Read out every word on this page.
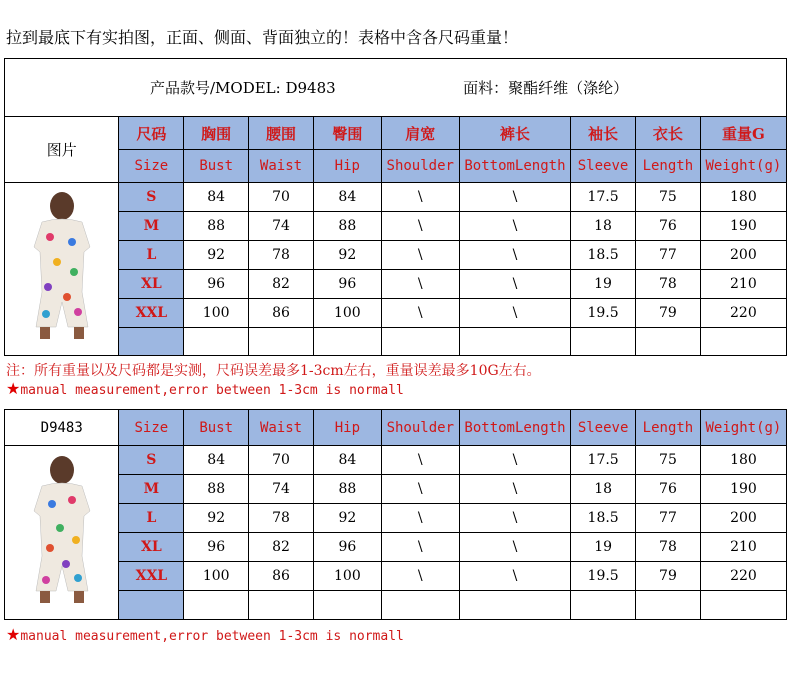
拉到最底下有实拍图，正面、侧面、背面独立的！表格中含各尺码重量！
产品款号/MODEL: D9483 面料：聚酯纤维（涤纶）									
图片	尺码	胸围	腰围	臀围	肩宽	裤长	袖长	衣长	重量G
	Size	Bust	Waist	Hip	Shoulder	BottomLength	Sleeve	Length	Weight(g)
	S	84	70	84	\	\	17.5	75	180
	M	88	74	88	\	\	18	76	190
	L	92	78	92	\	\	18.5	77	200
	XL	96	82	96	\	\	19	78	210
	XXL	100	86	100	\	\	19.5	79	220

注：所有重量以及尺码都是实测，尺码误差最多1-3cm左右，重量误差最多10G左右。
★manual measurement,error between 1-3cm is normall
D9483	Size	Bust	Waist	Hip	Shoulder	BottomLength	Sleeve	Length	Weight(g)
	S	84	70	84	\	\	17.5	75	180
	M	88	74	88	\	\	18	76	190
	L	92	78	92	\	\	18.5	77	200
	XL	96	82	96	\	\	19	78	210
	XXL	100	86	100	\	\	19.5	79	220

★manual measurement,error between 1-3cm is normall
